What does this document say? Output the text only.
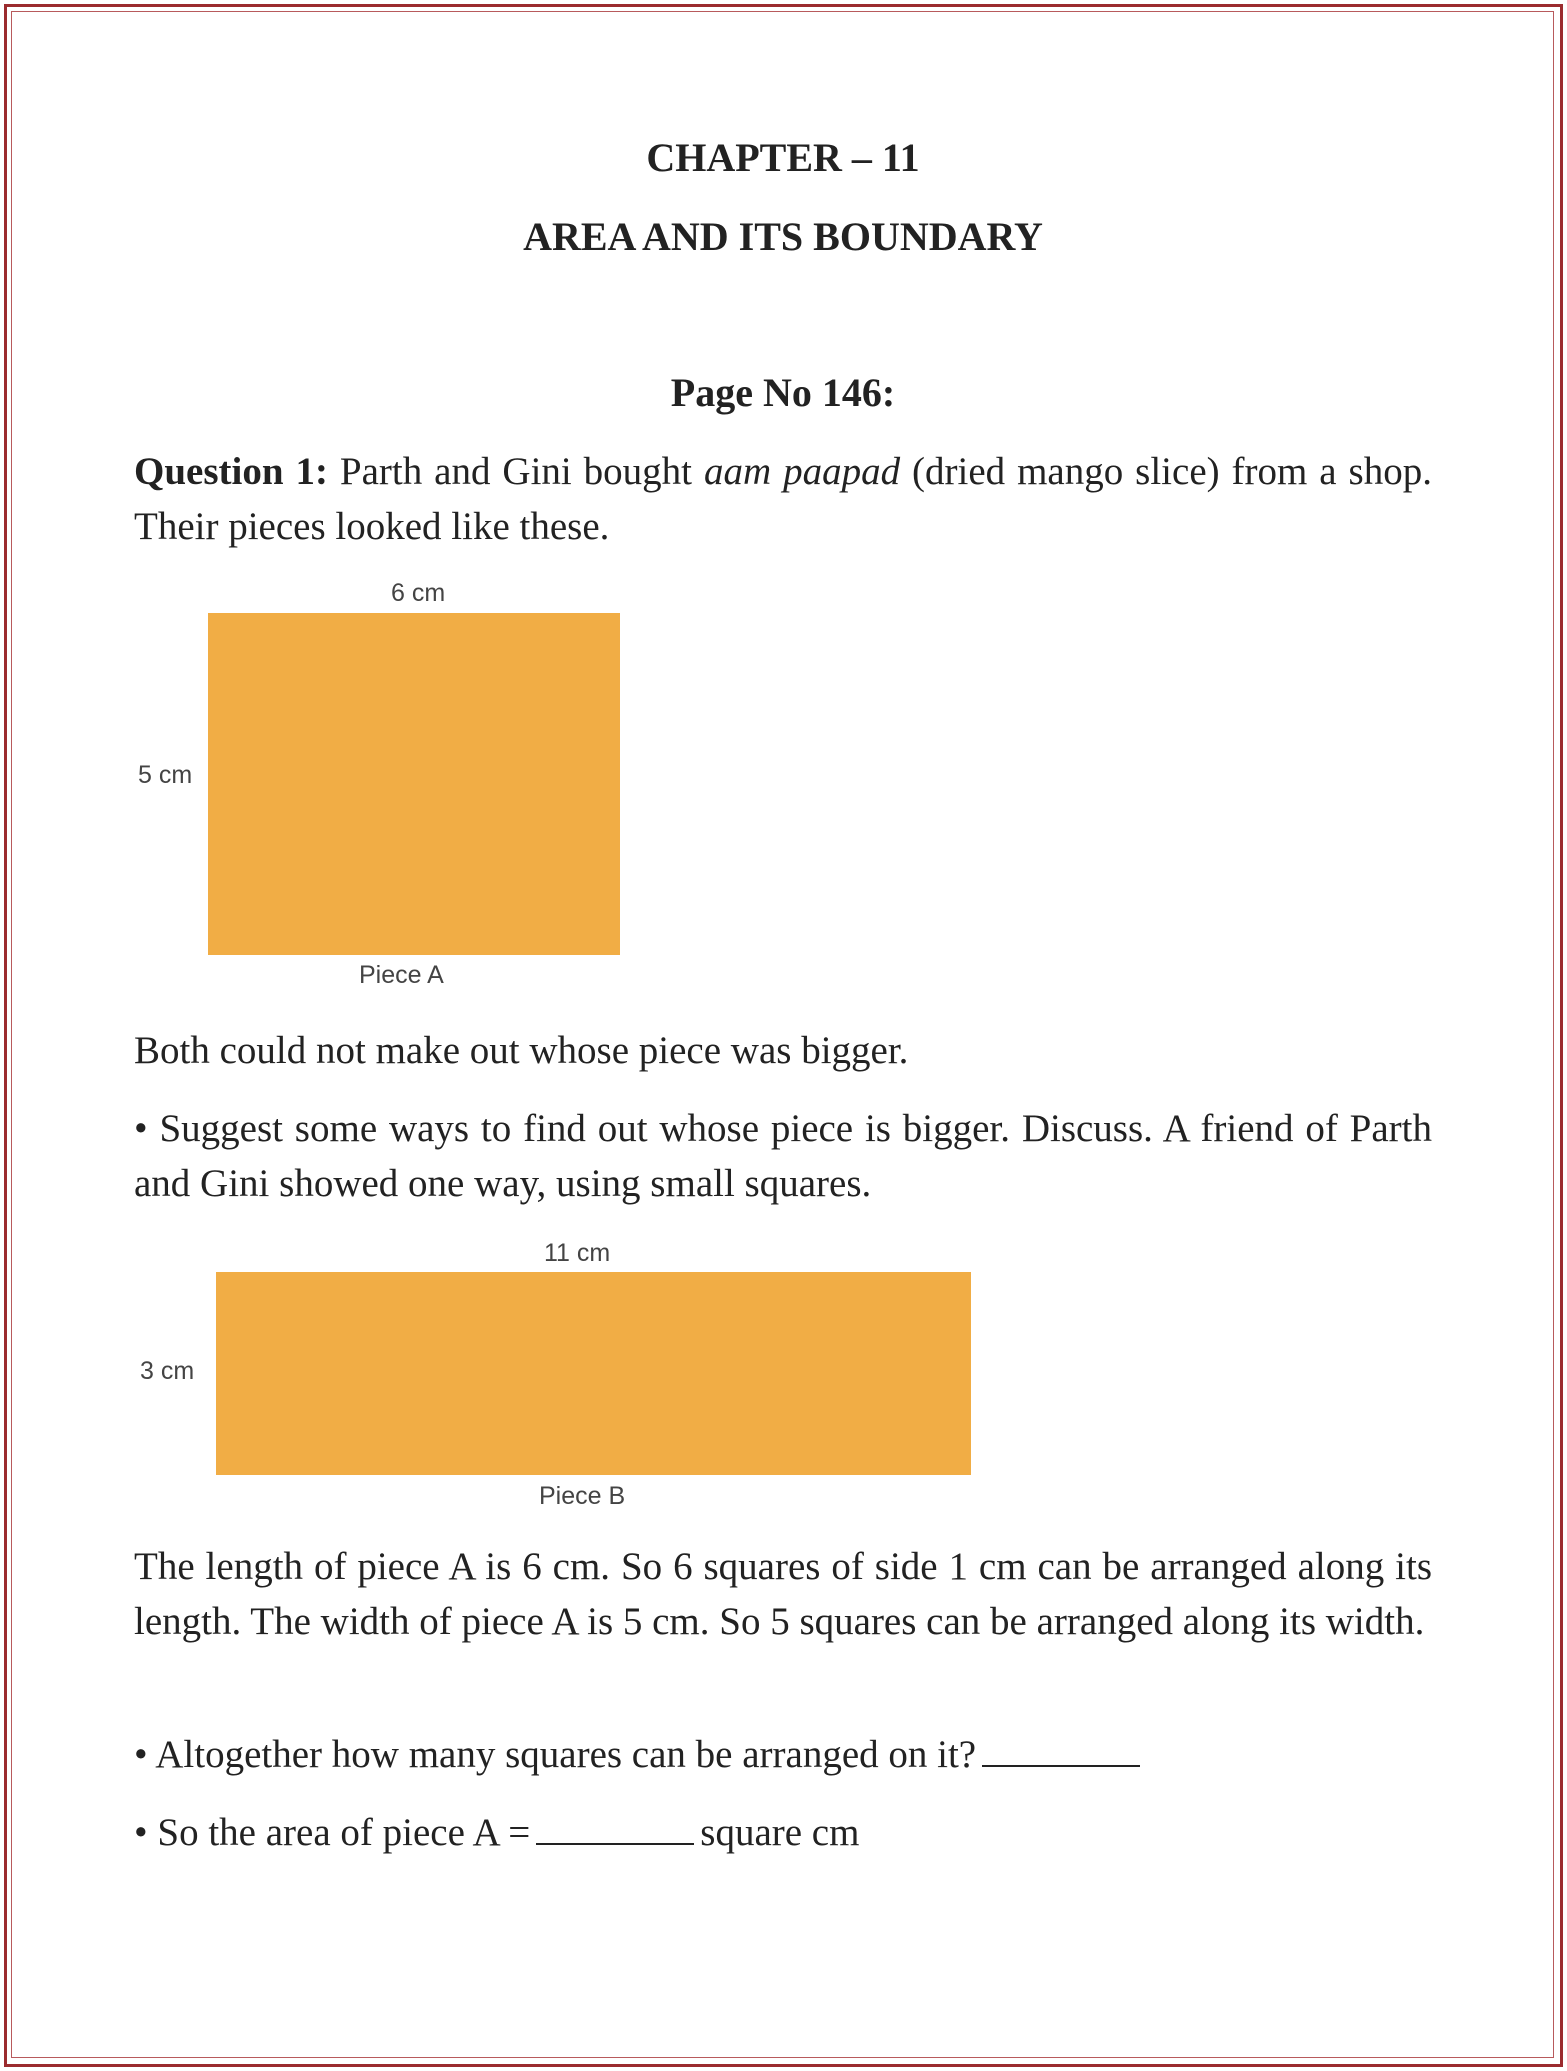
CHAPTER – 11
AREA AND ITS BOUNDARY
Page No 146:
Question 1: Parth and Gini bought aam paapad (dried mango slice) from a shop. Their pieces looked like these.
6 cm
5 cm
Piece A
Both could not make out whose piece was bigger.
• Suggest some ways to find out whose piece is bigger. Discuss. A friend of Parth and Gini showed one way, using small squares.
11 cm
3 cm
Piece B
The length of piece A is 6 cm. So 6 squares of side 1 cm can be arranged along its length. The width of piece A is 5 cm. So 5 squares can be arranged along its width.
• Altogether how many squares can be arranged on it?
• So the area of piece A =	square cm
